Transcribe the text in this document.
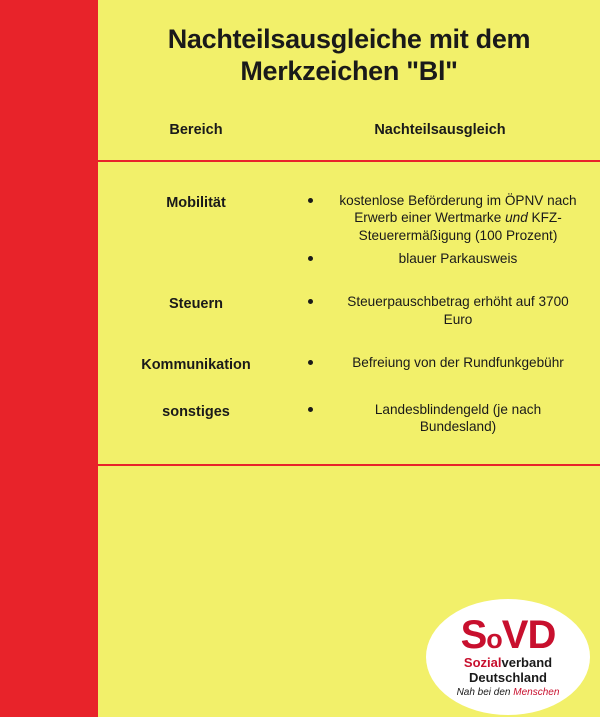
Nachteilsausgleiche mit dem Merkzeichen "Bl"
Bereich	Nachteilsausgleich
Mobilität	kostenlose Beförderung im ÖPNV nach Erwerb einer Wertmarke und KFZ-Steuerermäßigung (100 Prozent)
blauer Parkausweis
Steuern	Steuerpauschbetrag erhöht auf 3700 Euro
Kommunikation	Befreiung von der Rundfunkgebühr
sonstiges	Landesblindengeld (je nach Bundesland)
SoVD
Sozialverband
Deutschland
Nah bei den Menschen
